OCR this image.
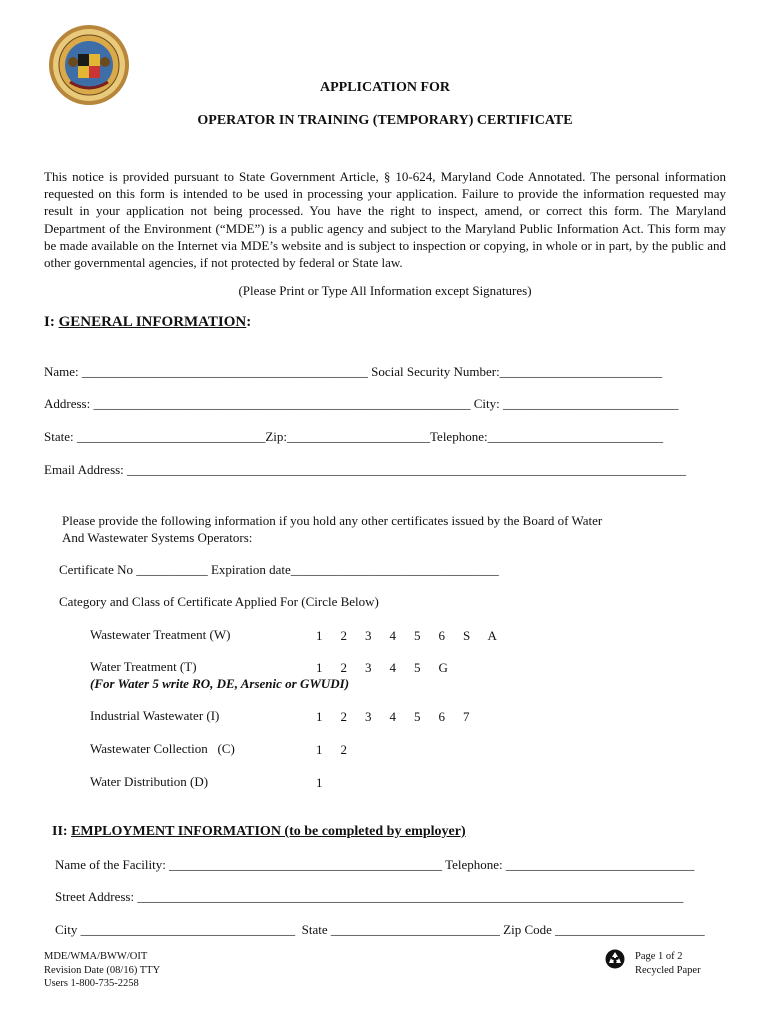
APPLICATION FOR
OPERATOR IN TRAINING (TEMPORARY) CERTIFICATE
This notice is provided pursuant to State Government Article, § 10-624, Maryland Code Annotated. The personal information requested on this form is intended to be used in processing your application. Failure to provide the information requested may result in your application not being processed. You have the right to inspect, amend, or correct this form. The Maryland Department of the Environment (“MDE”) is a public agency and subject to the Maryland Public Information Act. This form may be made available on the Internet via MDE’s website and is subject to inspection or copying, in whole or in part, by the public and other governmental agencies, if not protected by federal or State law.
(Please Print or Type All Information except Signatures)
I: GENERAL INFORMATION:
Name: ____________________________________________ Social Security Number:_________________________
Address: __________________________________________________________ City: ___________________________
State: _____________________________Zip:______________________Telephone:___________________________
Email Address: ______________________________________________________________________________________
Please provide the following information if you hold any other certificates issued by the Board of Water
And Wastewater Systems Operators:
Certificate No ___________ Expiration date________________________________
Category and Class of Certificate Applied For (Circle Below)
Wastewater Treatment (W)	1 2 3 4 5 6 S A
Water Treatment (T)	1 2 3 4 5 G
(For Water 5 write RO, DE, Arsenic or GWUDI)
Industrial Wastewater (I)	1 2 3 4 5 6 7
Wastewater Collection   (C)	1 2
Water Distribution (D)	1
II: EMPLOYMENT INFORMATION (to be completed by employer)
Name of the Facility: __________________________________________ Telephone: _____________________________
Street Address: ____________________________________________________________________________________
City _________________________________  State __________________________ Zip Code _______________________
MDE/WMA/BWW/OIT
Revision Date (08/16) TTY
Users 1-800-735-2258
Page 1 of 2
Recycled Paper
